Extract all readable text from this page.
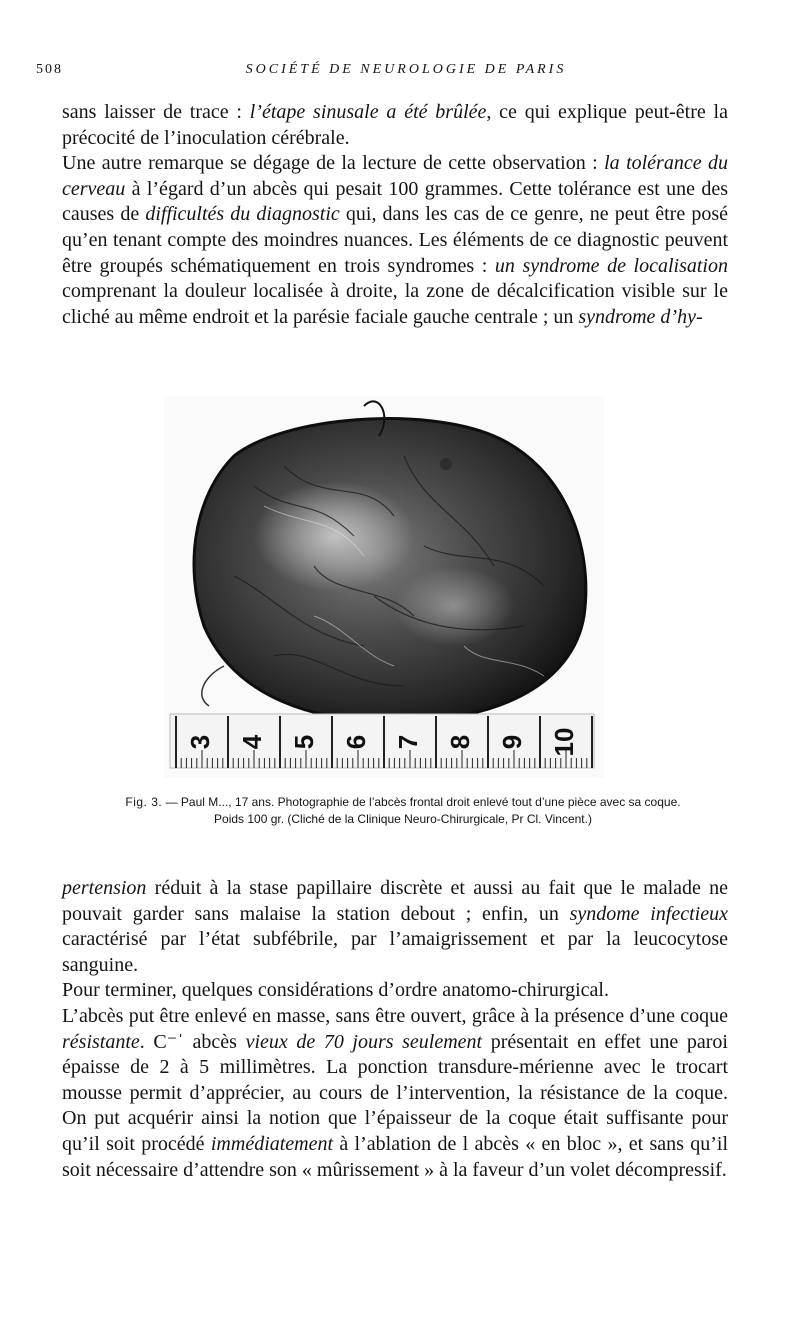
508	SOCIÉTÉ DE NEUROLOGIE DE PARIS

sans laisser de trace : l’étape sinusale a été brûlée, ce qui explique peut-être la précocité de l’inoculation cérébrale.

Une autre remarque se dégage de la lecture de cette observation : la tolérance du cerveau à l’égard d’un abcès qui pesait 100 grammes. Cette tolérance est une des causes de difficultés du diagnostic qui, dans les cas de ce genre, ne peut être posé qu’en tenant compte des moindres nuances. Les éléments de ce diagnostic peuvent être groupés schématiquement en trois syndromes : un syndrome de localisation comprenant la douleur localisée à droite, la zone de décalcification visible sur le cliché au même endroit et la parésie faciale gauche centrale ; un syndrome d’hy-

3 4 5 6 7 8 9 10
Fig. 3. — Paul M..., 17 ans. Photographie de l’abcès frontal droit enlevé tout d’une pièce avec sa coque.
Poids 100 gr. (Cliché de la Clinique Neuro-Chirurgicale, Pr Cl. Vincent.)

pertension réduit à la stase papillaire discrète et aussi au fait que le malade ne pouvait garder sans malaise la station debout ; enfin, un syndome infectieux caractérisé par l’état subfébrile, par l’amaigrissement et par la leucocytose sanguine.

Pour terminer, quelques considérations d’ordre anatomo-chirurgical.

L’abcès put être enlevé en masse, sans être ouvert, grâce à la présence d’une coque résistante. C⁻ˈ abcès vieux de 70 jours seulement présentait en effet une paroi épaisse de 2 à 5 millimètres. La ponction transdure-mérienne avec le trocart mousse permit d’apprécier, au cours de l’intervention, la résistance de la coque. On put acquérir ainsi la notion que l’épaisseur de la coque était suffisante pour qu’il soit procédé immédiatement à l’ablation de l abcès « en bloc », et sans qu’il soit nécessaire d’attendre son « mûrissement » à la faveur d’un volet décompressif.
